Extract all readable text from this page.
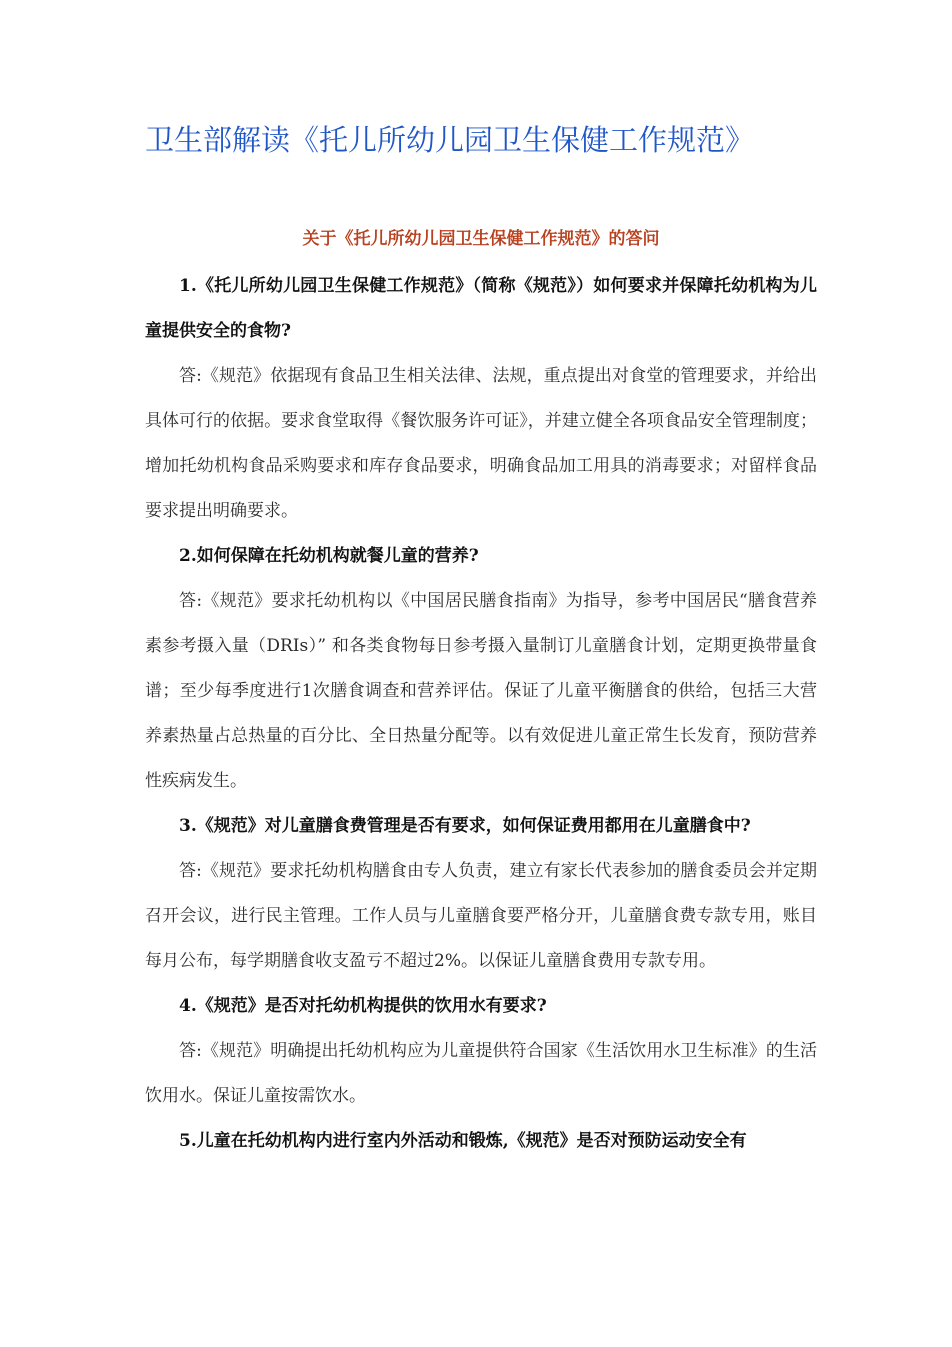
卫生部解读《托儿所幼儿园卫生保健工作规范》

关于《托儿所幼儿园卫生保健工作规范》的答问

1.《托儿所幼儿园卫生保健工作规范》（简称《规范》）如何要求并保障托幼机构为儿童提供安全的食物?

答:《规范》依据现有食品卫生相关法律、法规，重点提出对食堂的管理要求，并给出具体可行的依据。要求食堂取得《餐饮服务许可证》，并建立健全各项食品安全管理制度；增加托幼机构食品采购要求和库存食品要求，明确食品加工用具的消毒要求；对留样食品要求提出明确要求。

2.如何保障在托幼机构就餐儿童的营养?

答:《规范》要求托幼机构以《中国居民膳食指南》为指导，参考中国居民“膳食营养素参考摄入量（DRIs）” 和各类食物每日参考摄入量制订儿童膳食计划，定期更换带量食谱；至少每季度进行1次膳食调查和营养评估。保证了儿童平衡膳食的供给，包括三大营养素热量占总热量的百分比、全日热量分配等。以有效促进儿童正常生长发育，预防营养性疾病发生。

3.《规范》对儿童膳食费管理是否有要求，如何保证费用都用在儿童膳食中?

答:《规范》要求托幼机构膳食由专人负责，建立有家长代表参加的膳食委员会并定期召开会议，进行民主管理。工作人员与儿童膳食要严格分开，儿童膳食费专款专用，账目每月公布，每学期膳食收支盈亏不超过2%。以保证儿童膳食费用专款专用。

4.《规范》是否对托幼机构提供的饮用水有要求?

答:《规范》明确提出托幼机构应为儿童提供符合国家《生活饮用水卫生标准》的生活饮用水。保证儿童按需饮水。

5.儿童在托幼机构内进行室内外活动和锻炼,《规范》是否对预防运动安全有
